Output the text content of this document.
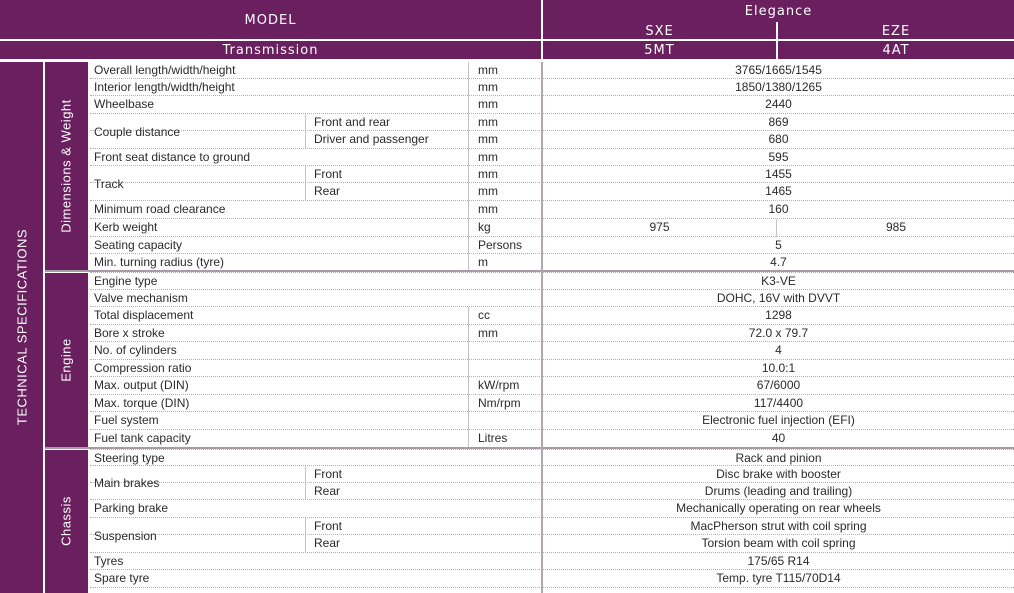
MODEL
Transmission
Elegance
SXE	EZE
5MT	4AT
TECHNICAL SPECIFICATIONS
Dimensions & Weight
Engine
Chassis
Overall length/width/height	mm	3765/1665/1545
Interior length/width/height	mm	1850/1380/1265
Wheelbase	mm	2440
Couple distance
Front and rear	mm	869
Driver and passenger	mm	680
Front seat distance to ground	mm	595
Track
Front	mm	1455
Rear	mm	1465
Minimum road clearance	mm	160
Kerb weight	kg	975	985
Seating capacity	Persons	5
Min. turning radius (tyre)	m	4.7
Engine type	K3-VE
Valve mechanism	DOHC, 16V with DVVT
Total displacement	cc	1298
Bore x stroke	mm	72.0 x 79.7
No. of cylinders	4
Compression ratio	10.0:1
Max. output (DIN)	kW/rpm	67/6000
Max. torque (DIN)	Nm/rpm	117/4400
Fuel system	Electronic fuel injection (EFI)
Fuel tank capacity	Litres	40
Steering type	Rack and pinion
Main brakes
Front	Disc brake with booster
Rear	Drums (leading and trailing)
Parking brake	Mechanically operating on rear wheels
Suspension
Front	MacPherson strut with coil spring
Rear	Torsion beam with coil spring
Tyres	175/65 R14
Spare tyre	Temp. tyre T115/70D14
